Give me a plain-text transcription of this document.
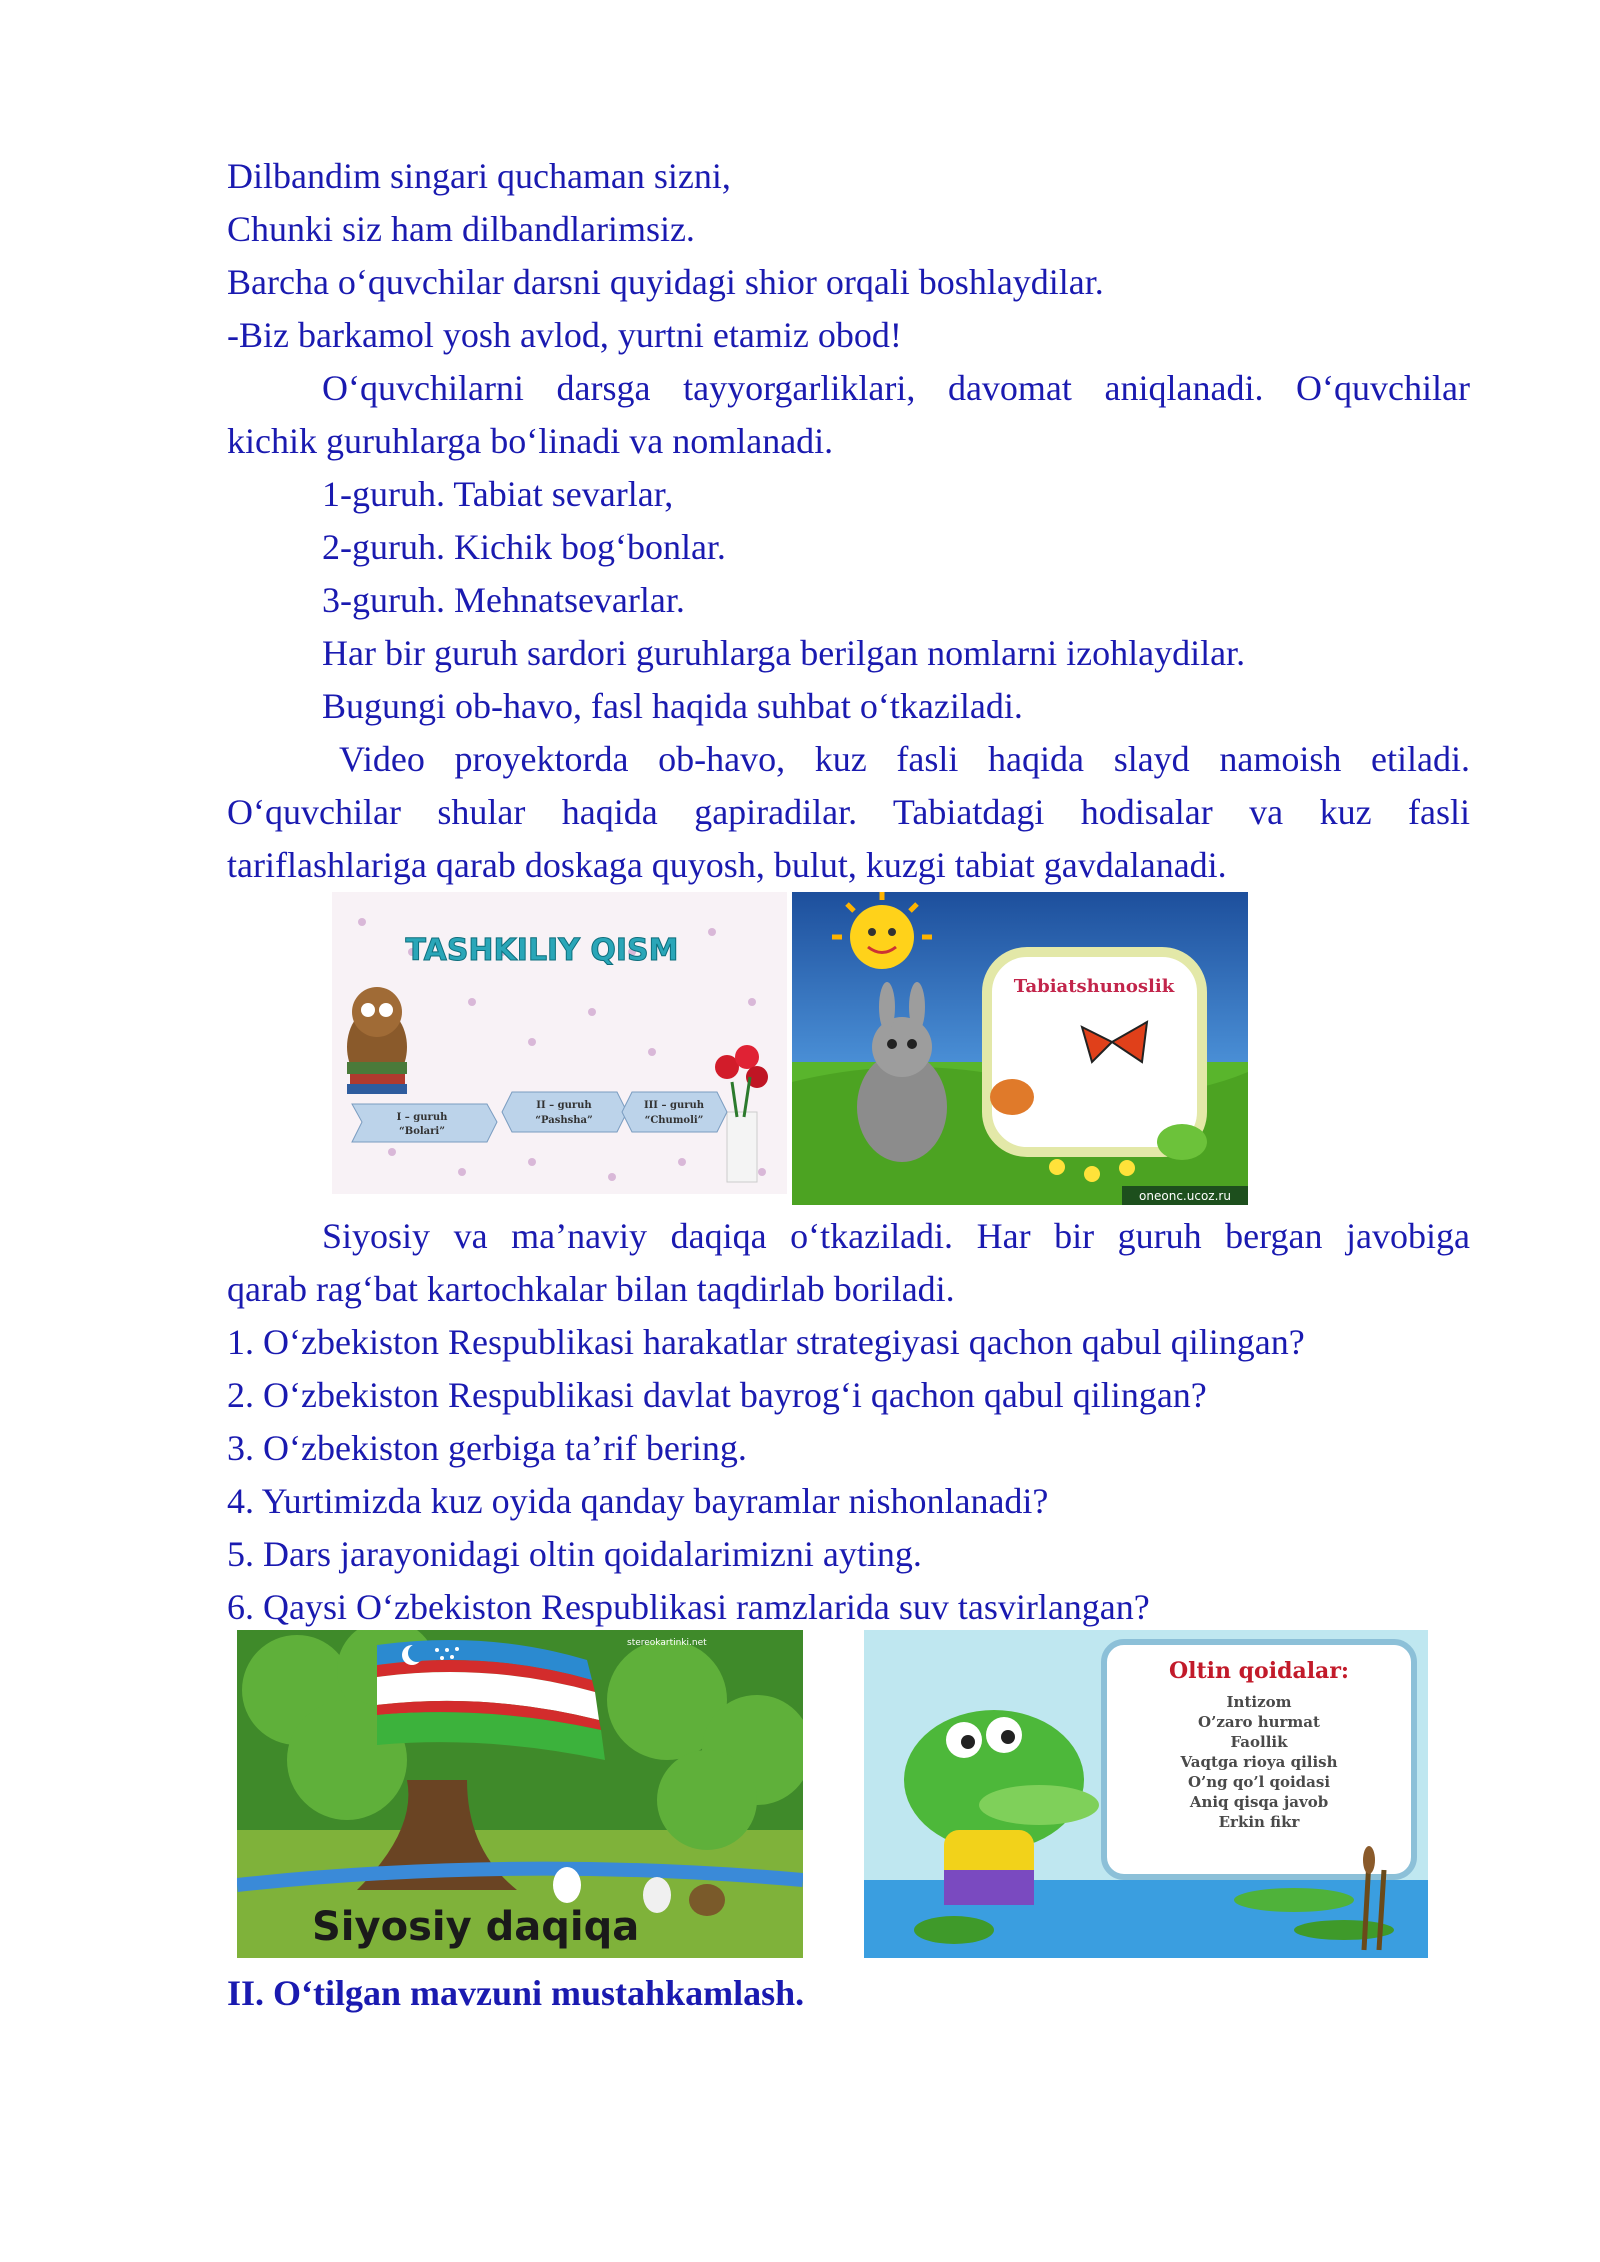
Dilbandim singari quchaman sizni,
Chunki siz ham dilbandlarimsiz.
Barcha o‘quvchilar darsni quyidagi shior orqali boshlaydilar.
-Biz barkamol yosh avlod, yurtni etamiz obod!
O‘quvchilarni darsga tayyorgarliklari, davomat aniqlanadi. O‘quvchilar
kichik guruhlarga bo‘linadi va nomlanadi.
1-guruh. Tabiat sevarlar,
2-guruh. Kichik bog‘bonlar.
3-guruh. Mehnatsevarlar.
Har bir guruh sardori guruhlarga berilgan nomlarni izohlaydilar.
Bugungi ob-havo, fasl haqida suhbat o‘tkaziladi.
Video proyektorda ob-havo, kuz fasli haqida slayd namoish etiladi.
O‘quvchilar shular haqida gapiradilar. Tabiatdagi hodisalar va kuz fasli
tariflashlariga qarab doskaga quyosh, bulut, kuzgi tabiat gavdalanadi.
TASHKILIY QISM
I – guruh
“Bolari”
II – guruh
“Pashsha”
III – guruh
“Chumoli”
Tabiatshunoslik
oneonc.ucoz.ru
Siyosiy va ma’naviy daqiqa o‘tkaziladi. Har bir guruh bergan javobiga
qarab rag‘bat kartochkalar bilan taqdirlab boriladi.
1. O‘zbekiston Respublikasi harakatlar strategiyasi qachon qabul qilingan?
2. O‘zbekiston Respublikasi davlat bayrog‘i qachon qabul qilingan?
3. O‘zbekiston gerbiga ta’rif bering.
4. Yurtimizda kuz oyida qanday bayramlar nishonlanadi?
5. Dars jarayonidagi oltin qoidalarimizni ayting.
6. Qaysi O‘zbekiston Respublikasi ramzlarida suv tasvirlangan?
stereokartinki.net
Siyosiy daqiqa
Oltin qoidalar:
Intizom
O’zaro hurmat
Faollik
Vaqtga rioya qilish
O’ng qo’l qoidasi
Aniq qisqa javob
Erkin fikr
II. O‘tilgan mavzuni mustahkamlash.
